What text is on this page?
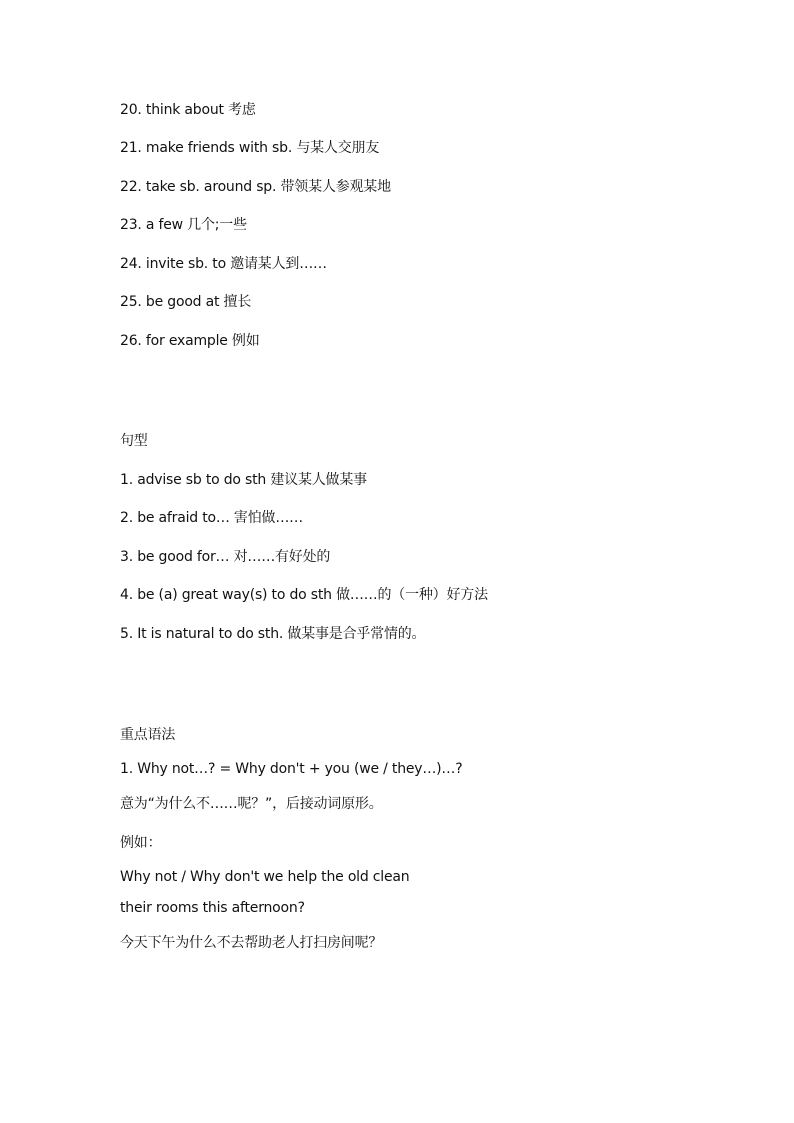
20. think about 考虑
21. make friends with sb. 与某人交朋友
22. take sb. around sp. 带领某人参观某地
23. a few 几个;一些
24. invite sb. to 邀请某人到……
25. be good at 擅长
26. for example 例如
句型
1. advise sb to do sth 建议某人做某事
2. be afraid to… 害怕做……
3. be good for… 对……有好处的
4. be (a) great way(s) to do sth 做……的（一种）好方法
5. It is natural to do sth. 做某事是合乎常情的。
重点语法
1. Why not…? = Why don't + you (we / they…)…?
意为“为什么不……呢？”，后接动词原形。
例如：
Why not / Why don't we help the old clean
their rooms this afternoon?
今天下午为什么不去帮助老人打扫房间呢？
